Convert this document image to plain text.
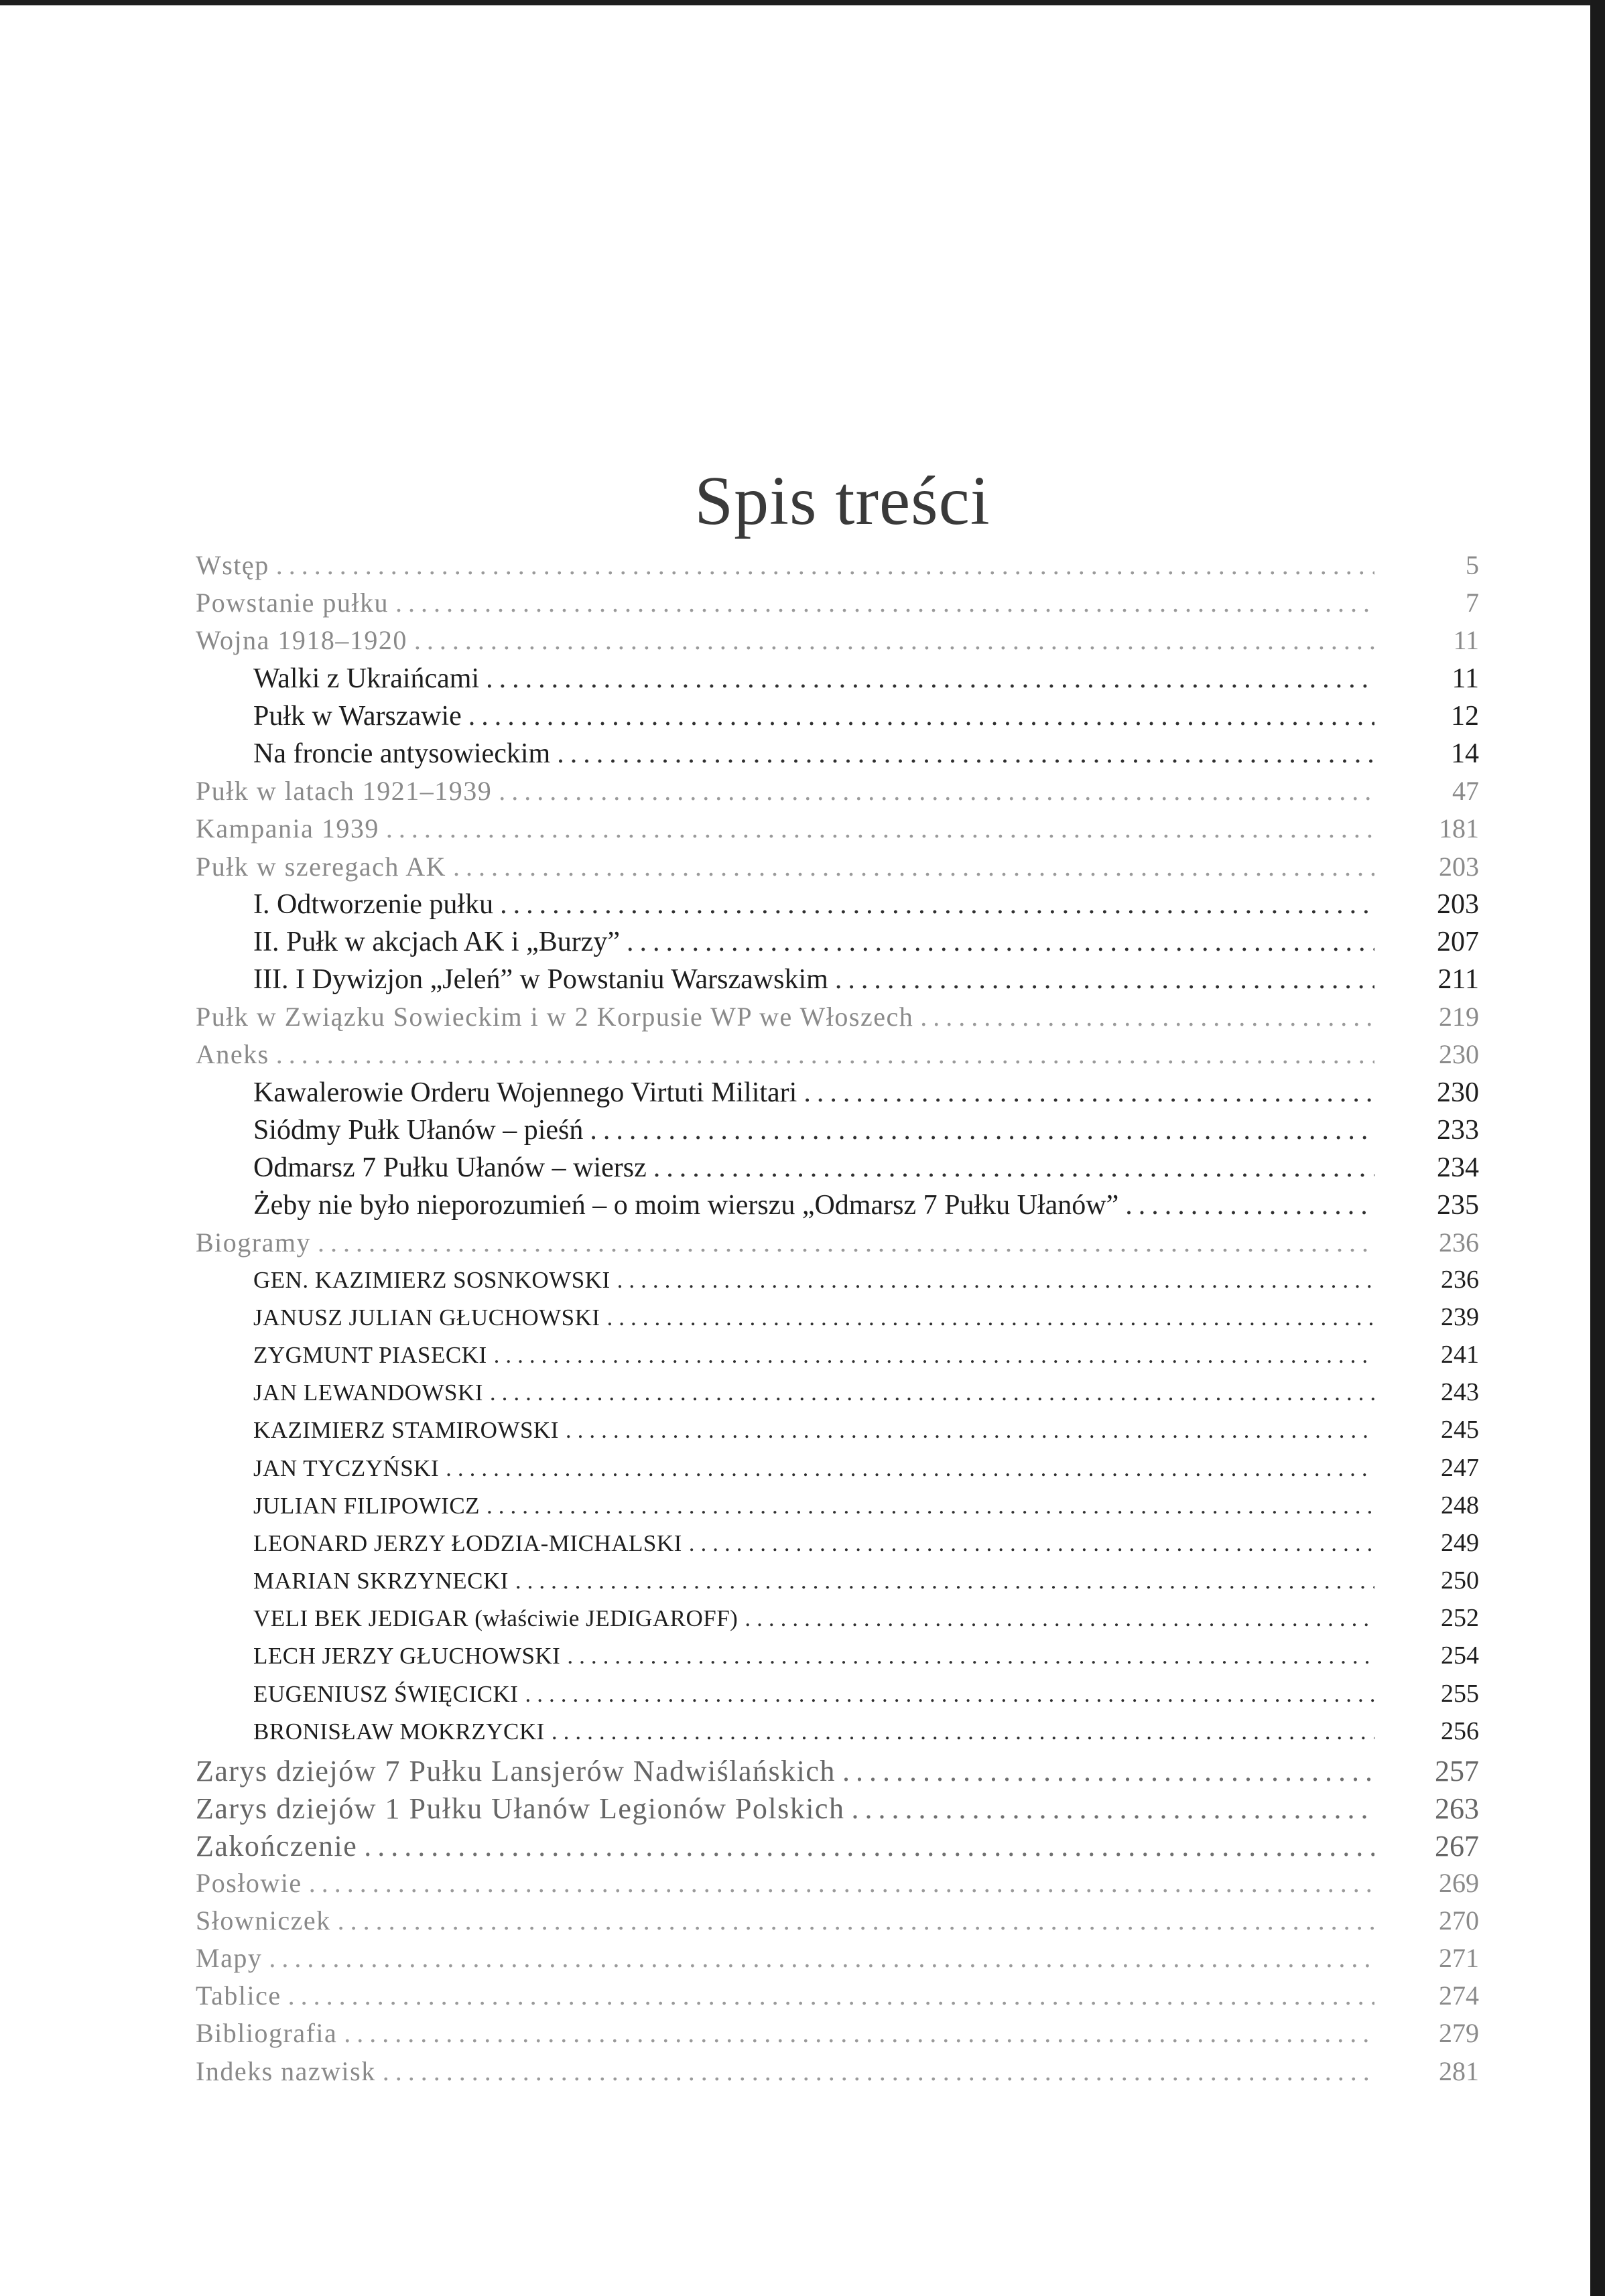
Spis treści
Wstęp .....	5
Powstanie pułku .....	7
Wojna 1918–1920 .....	11
Walki z Ukraińcami .....	11
Pułk w Warszawie .....	12
Na froncie antysowieckim .....	14
Pułk w latach 1921–1939 .....	47
Kampania 1939 .....	181
Pułk w szeregach AK .....	203
I. Odtworzenie pułku .....	203
II. Pułk w akcjach AK i „Burzy” .....	207
III. I Dywizjon „Jeleń” w Powstaniu Warszawskim .....	211
Pułk w Związku Sowieckim i w 2 Korpusie WP we Włoszech .....	219
Aneks .....	230
Kawalerowie Orderu Wojennego Virtuti Militari .....	230
Siódmy Pułk Ułanów – pieśń .....	233
Odmarsz 7 Pułku Ułanów – wiersz .....	234
Żeby nie było nieporozumień – o moim wierszu „Odmarsz 7 Pułku Ułanów” .....	235
Biogramy .....	236
GEN. KAZIMIERZ SOSNKOWSKI .....	236
JANUSZ JULIAN GŁUCHOWSKI .....	239
ZYGMUNT PIASECKI .....	241
JAN LEWANDOWSKI .....	243
KAZIMIERZ STAMIROWSKI .....	245
JAN TYCZYŃSKI .....	247
JULIAN FILIPOWICZ .....	248
LEONARD JERZY ŁODZIA-MICHALSKI .....	249
MARIAN SKRZYNECKI .....	250
VELI BEK JEDIGAR (właściwie JEDIGAROFF) .....	252
LECH JERZY GŁUCHOWSKI .....	254
EUGENIUSZ ŚWIĘCICKI .....	255
BRONISŁAW MOKRZYCKI .....	256
Zarys dziejów 7 Pułku Lansjerów Nadwiślańskich .....	257
Zarys dziejów 1 Pułku Ułanów Legionów Polskich .....	263
Zakończenie .....	267
Posłowie .....	269
Słowniczek .....	270
Mapy .....	271
Tablice .....	274
Bibliografia .....	279
Indeks nazwisk .....	281
